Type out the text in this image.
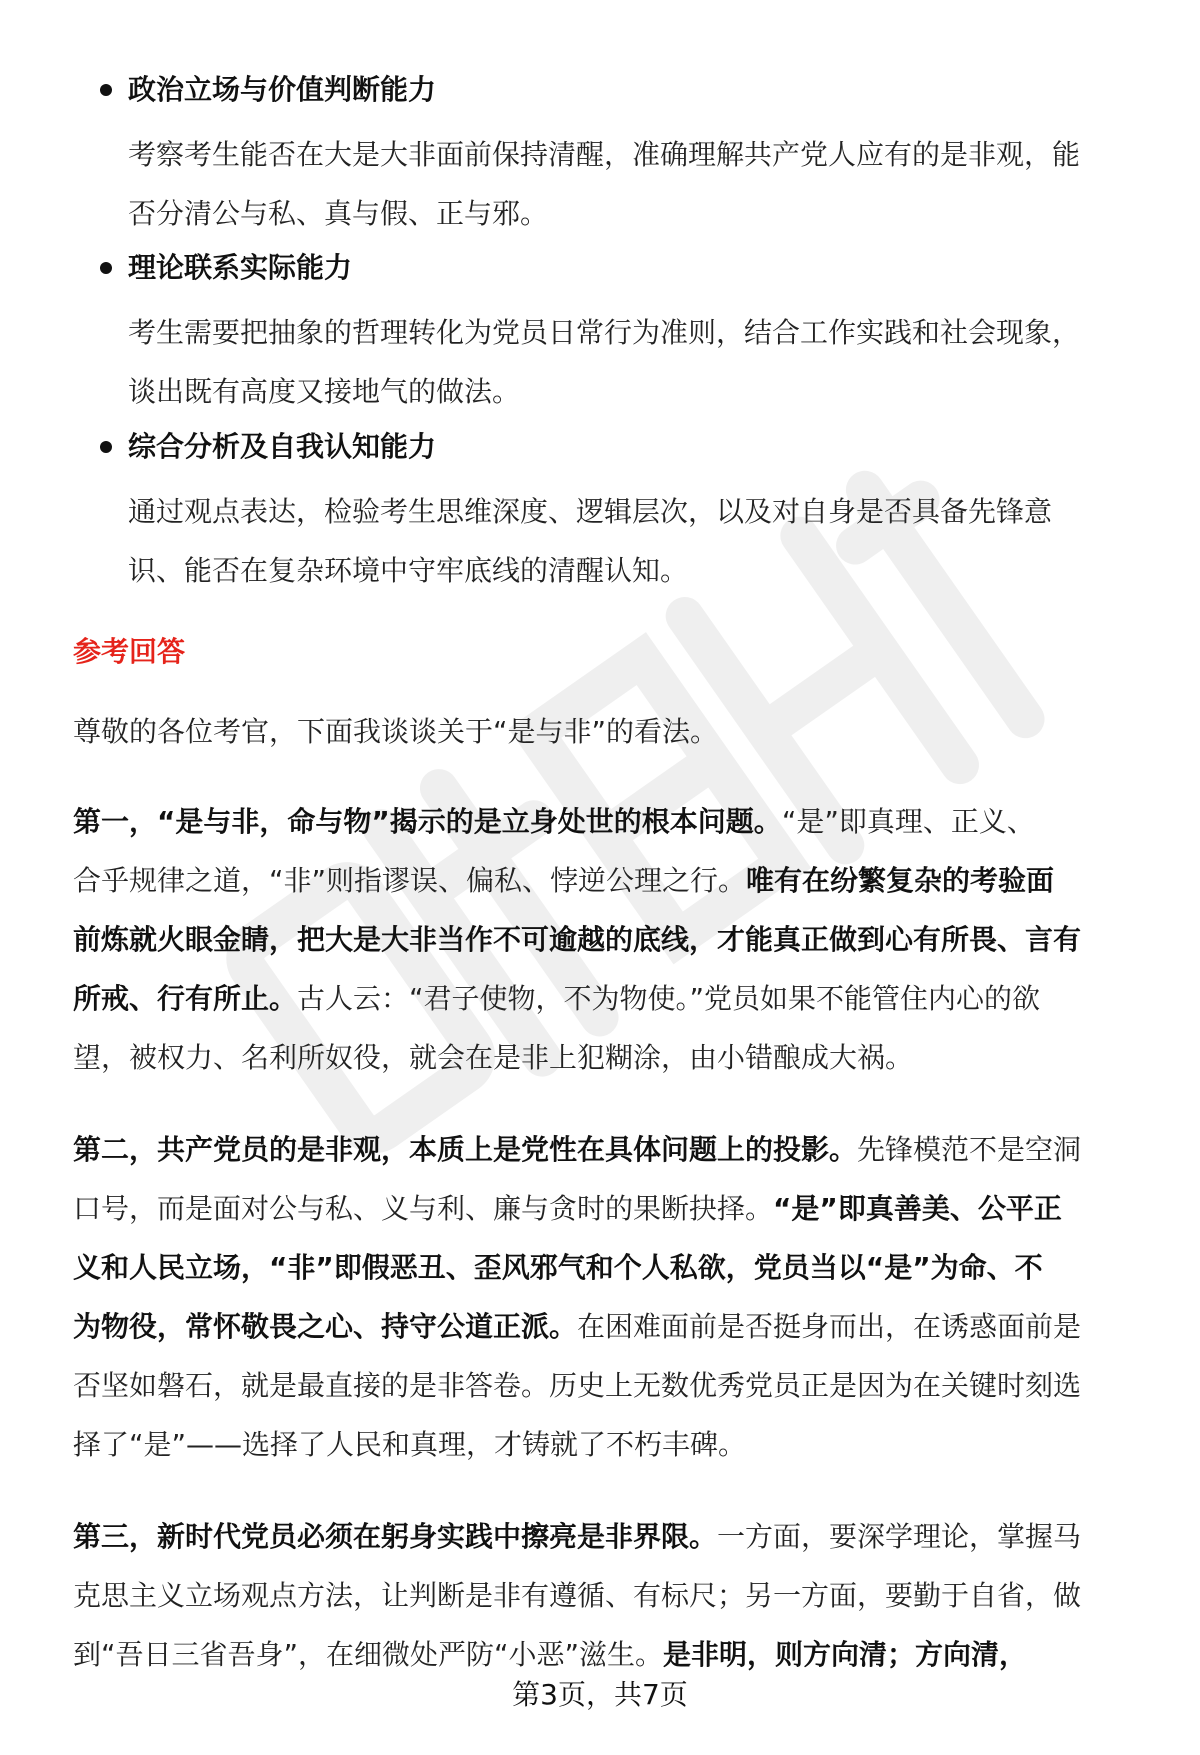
政治立场与价值判断能力
考察考生能否在大是大非面前保持清醒，准确理解共产党人应有的是非观，能
否分清公与私、真与假、正与邪。
理论联系实际能力
考生需要把抽象的哲理转化为党员日常行为准则，结合工作实践和社会现象，
谈出既有高度又接地气的做法。
综合分析及自我认知能力
通过观点表达，检验考生思维深度、逻辑层次，以及对自身是否具备先锋意
识、能否在复杂环境中守牢底线的清醒认知。
参考回答
尊敬的各位考官，下面我谈谈关于“是与非”的看法。
第一，“是与非，命与物”揭示的是立身处世的根本问题。“是”即真理、正义、
合乎规律之道，“非”则指谬误、偏私、悖逆公理之行。唯有在纷繁复杂的考验面
前炼就火眼金睛，把大是大非当作不可逾越的底线，才能真正做到心有所畏、言有
所戒、行有所止。古人云：“君子使物，不为物使。”党员如果不能管住内心的欲
望，被权力、名利所奴役，就会在是非上犯糊涂，由小错酿成大祸。
第二，共产党员的是非观，本质上是党性在具体问题上的投影。先锋模范不是空洞
口号，而是面对公与私、义与利、廉与贪时的果断抉择。“是”即真善美、公平正
义和人民立场，“非”即假恶丑、歪风邪气和个人私欲，党员当以“是”为命、不
为物役，常怀敬畏之心、持守公道正派。在困难面前是否挺身而出，在诱惑面前是
否坚如磐石，就是最直接的是非答卷。历史上无数优秀党员正是因为在关键时刻选
择了“是”——选择了人民和真理，才铸就了不朽丰碑。
第三，新时代党员必须在躬身实践中擦亮是非界限。一方面，要深学理论，掌握马
克思主义立场观点方法，让判断是非有遵循、有标尺；另一方面，要勤于自省，做
到“吾日三省吾身”，在细微处严防“小恶”滋生。是非明，则方向清；方向清，
第3页，共7页
